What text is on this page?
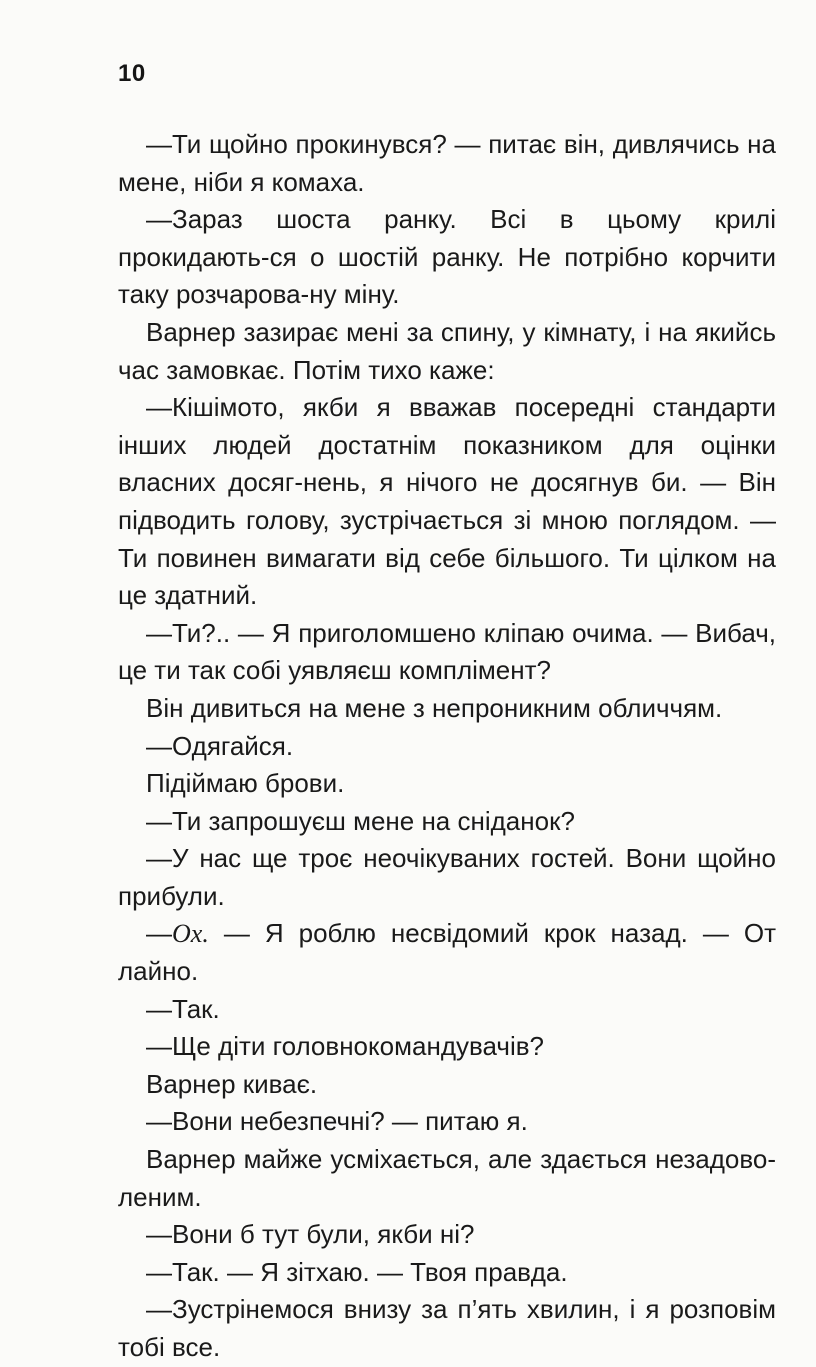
10

—Ти щойно прокинувся? — питає він, дивлячись на мене, ніби я комаха.

—Зараз шоста ранку. Всі в цьому крилі прокидають-ся о шостій ранку. Не потрібно корчити таку розчарова-ну міну.

Варнер зазирає мені за спину, у кімнату, і на якийсь час замовкає. Потім тихо каже:

—Кішімото, якби я вважав посередні стандарти інших людей достатнім показником для оцінки власних досяг-нень, я нічого не досягнув би. — Він підводить голову, зустрічається зі мною поглядом. — Ти повинен вимагати від себе більшого. Ти цілком на це здатний.

—Ти?.. — Я приголомшено кліпаю очима. — Вибач, це ти так собі уявляєш комплімент?

Він дивиться на мене з непроникним обличчям.

—Одягайся.

Підіймаю брови.

—Ти запрошуєш мене на сніданок?

—У нас ще троє неочікуваних гостей. Вони щойно прибули.

—Ох. — Я роблю несвідомий крок назад. — От лайно.

—Так.

—Ще діти головнокомандувачів?

Варнер киває.

—Вони небезпечні? — питаю я.

Варнер майже усміхається, але здається незадово-леним.

—Вони б тут були, якби ні?

—Так. — Я зітхаю. — Твоя правда.

—Зустрінемося внизу за п’ять хвилин, і я розповім тобі все.
